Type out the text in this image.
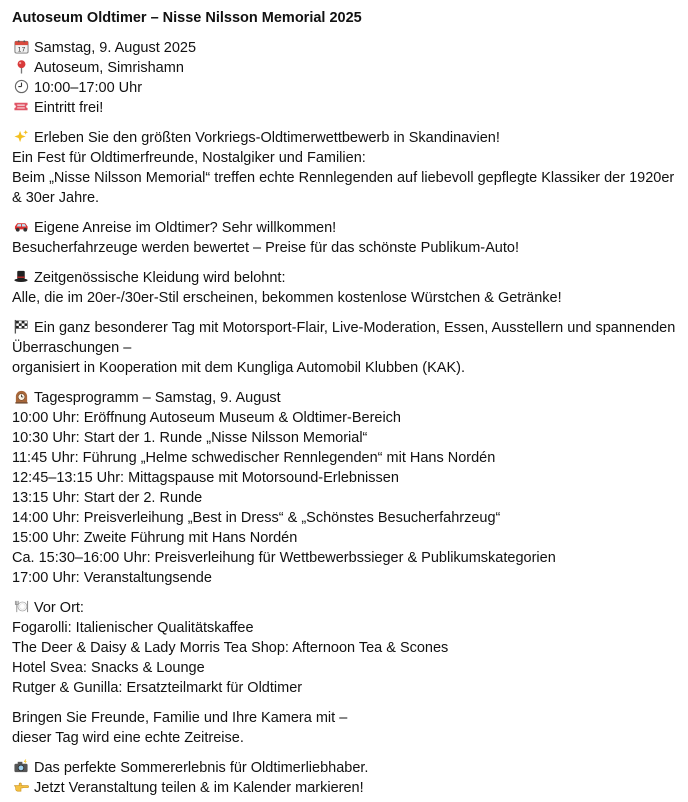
Autoseum Oldtimer – Nisse Nilsson Memorial 2025
17 Samstag, 9. August 2025
Autoseum, Simrishamn
10:00–17:00 Uhr
Eintritt frei!
Erleben Sie den größten Vorkriegs-Oldtimerwettbewerb in Skandinavien!
Ein Fest für Oldtimerfreunde, Nostalgiker und Familien:
Beim „Nisse Nilsson Memorial“ treffen echte Rennlegenden auf liebevoll gepflegte Klassiker der 1920er & 30er Jahre.
Eigene Anreise im Oldtimer? Sehr willkommen!
Besucherfahrzeuge werden bewertet – Preise für das schönste Publikum-Auto!
Zeitgenössische Kleidung wird belohnt:
Alle, die im 20er-/30er-Stil erscheinen, bekommen kostenlose Würstchen & Getränke!
Ein ganz besonderer Tag mit Motorsport-Flair, Live-Moderation, Essen, Ausstellern und spannenden Überraschungen –
organisiert in Kooperation mit dem Kungliga Automobil Klubben (KAK).
Tagesprogramm – Samstag, 9. August
10:00 Uhr: Eröffnung Autoseum Museum & Oldtimer-Bereich
10:30 Uhr: Start der 1. Runde „Nisse Nilsson Memorial“
11:45 Uhr: Führung „Helme schwedischer Rennlegenden“ mit Hans Nordén
12:45–13:15 Uhr: Mittagspause mit Motorsound-Erlebnissen
13:15 Uhr: Start der 2. Runde
14:00 Uhr: Preisverleihung „Best in Dress“ & „Schönstes Besucherfahrzeug“
15:00 Uhr: Zweite Führung mit Hans Nordén
Ca. 15:30–16:00 Uhr: Preisverleihung für Wettbewerbssieger & Publikumskategorien
17:00 Uhr: Veranstaltungsende
Vor Ort:
Fogarolli: Italienischer Qualitätskaffee
The Deer & Daisy & Lady Morris Tea Shop: Afternoon Tea & Scones
Hotel Svea: Snacks & Lounge
Rutger & Gunilla: Ersatzteilmarkt für Oldtimer
Bringen Sie Freunde, Familie und Ihre Kamera mit –
dieser Tag wird eine echte Zeitreise.
Das perfekte Sommererlebnis für Oldtimerliebhaber.
Jetzt Veranstaltung teilen & im Kalender markieren!
